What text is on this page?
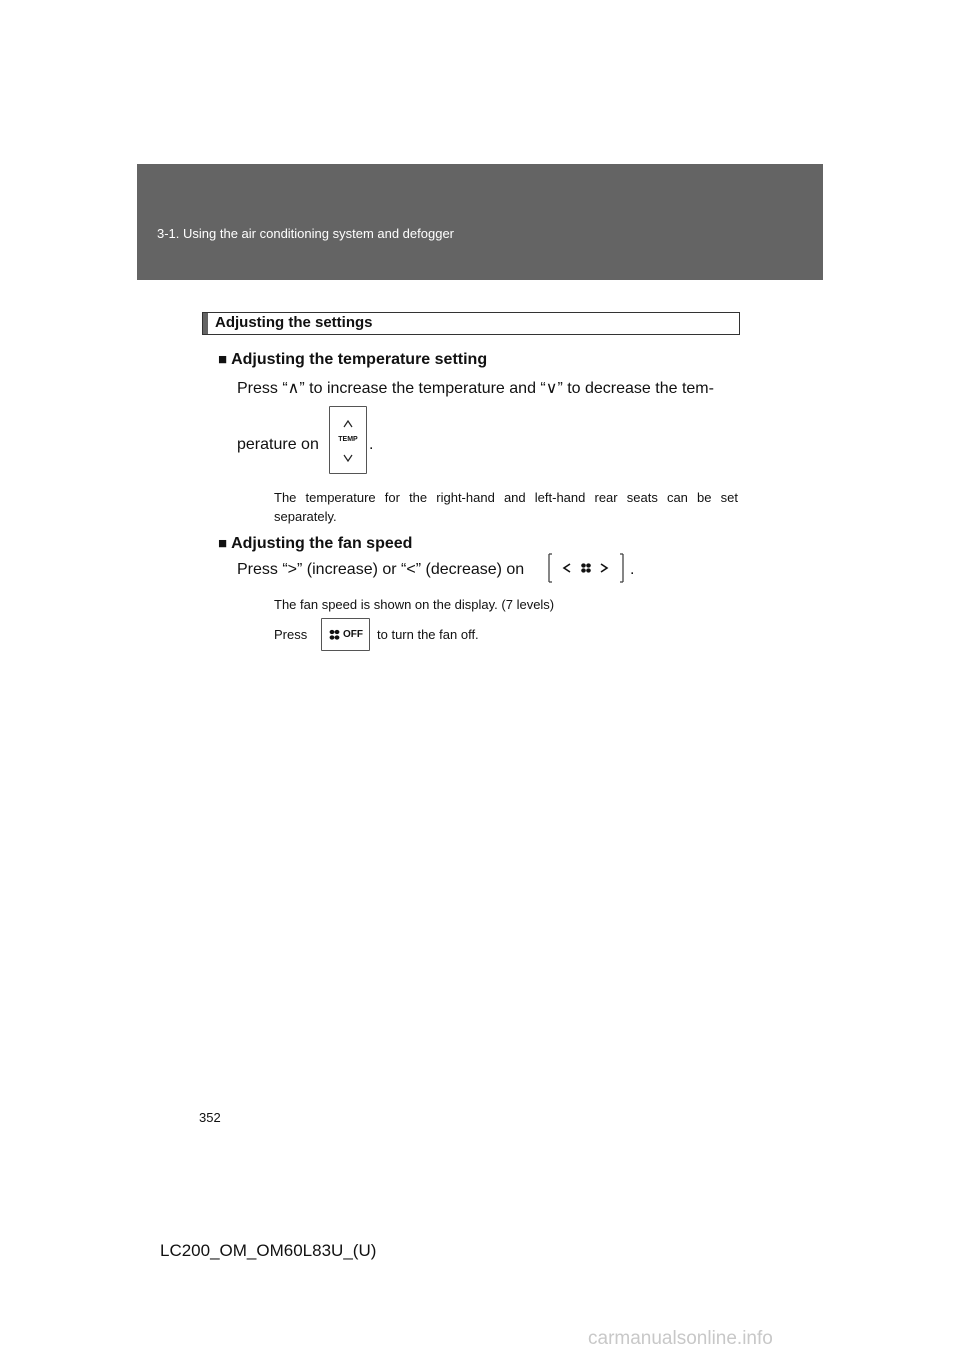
3-1. Using the air conditioning system and defogger
Adjusting the settings
■ Adjusting the temperature setting
Press “∧” to increase the temperature and “∨” to decrease the tem-
perature on	TEMP .
The temperature for the right-hand and left-hand rear seats can be set separately.
■ Adjusting the fan speed
Press “>” (increase) or “<” (decrease) on	.
The fan speed is shown on the display. (7 levels)
Press	OFF to turn the fan off.
352
LC200_OM_OM60L83U_(U)
carmanualsonline.info
